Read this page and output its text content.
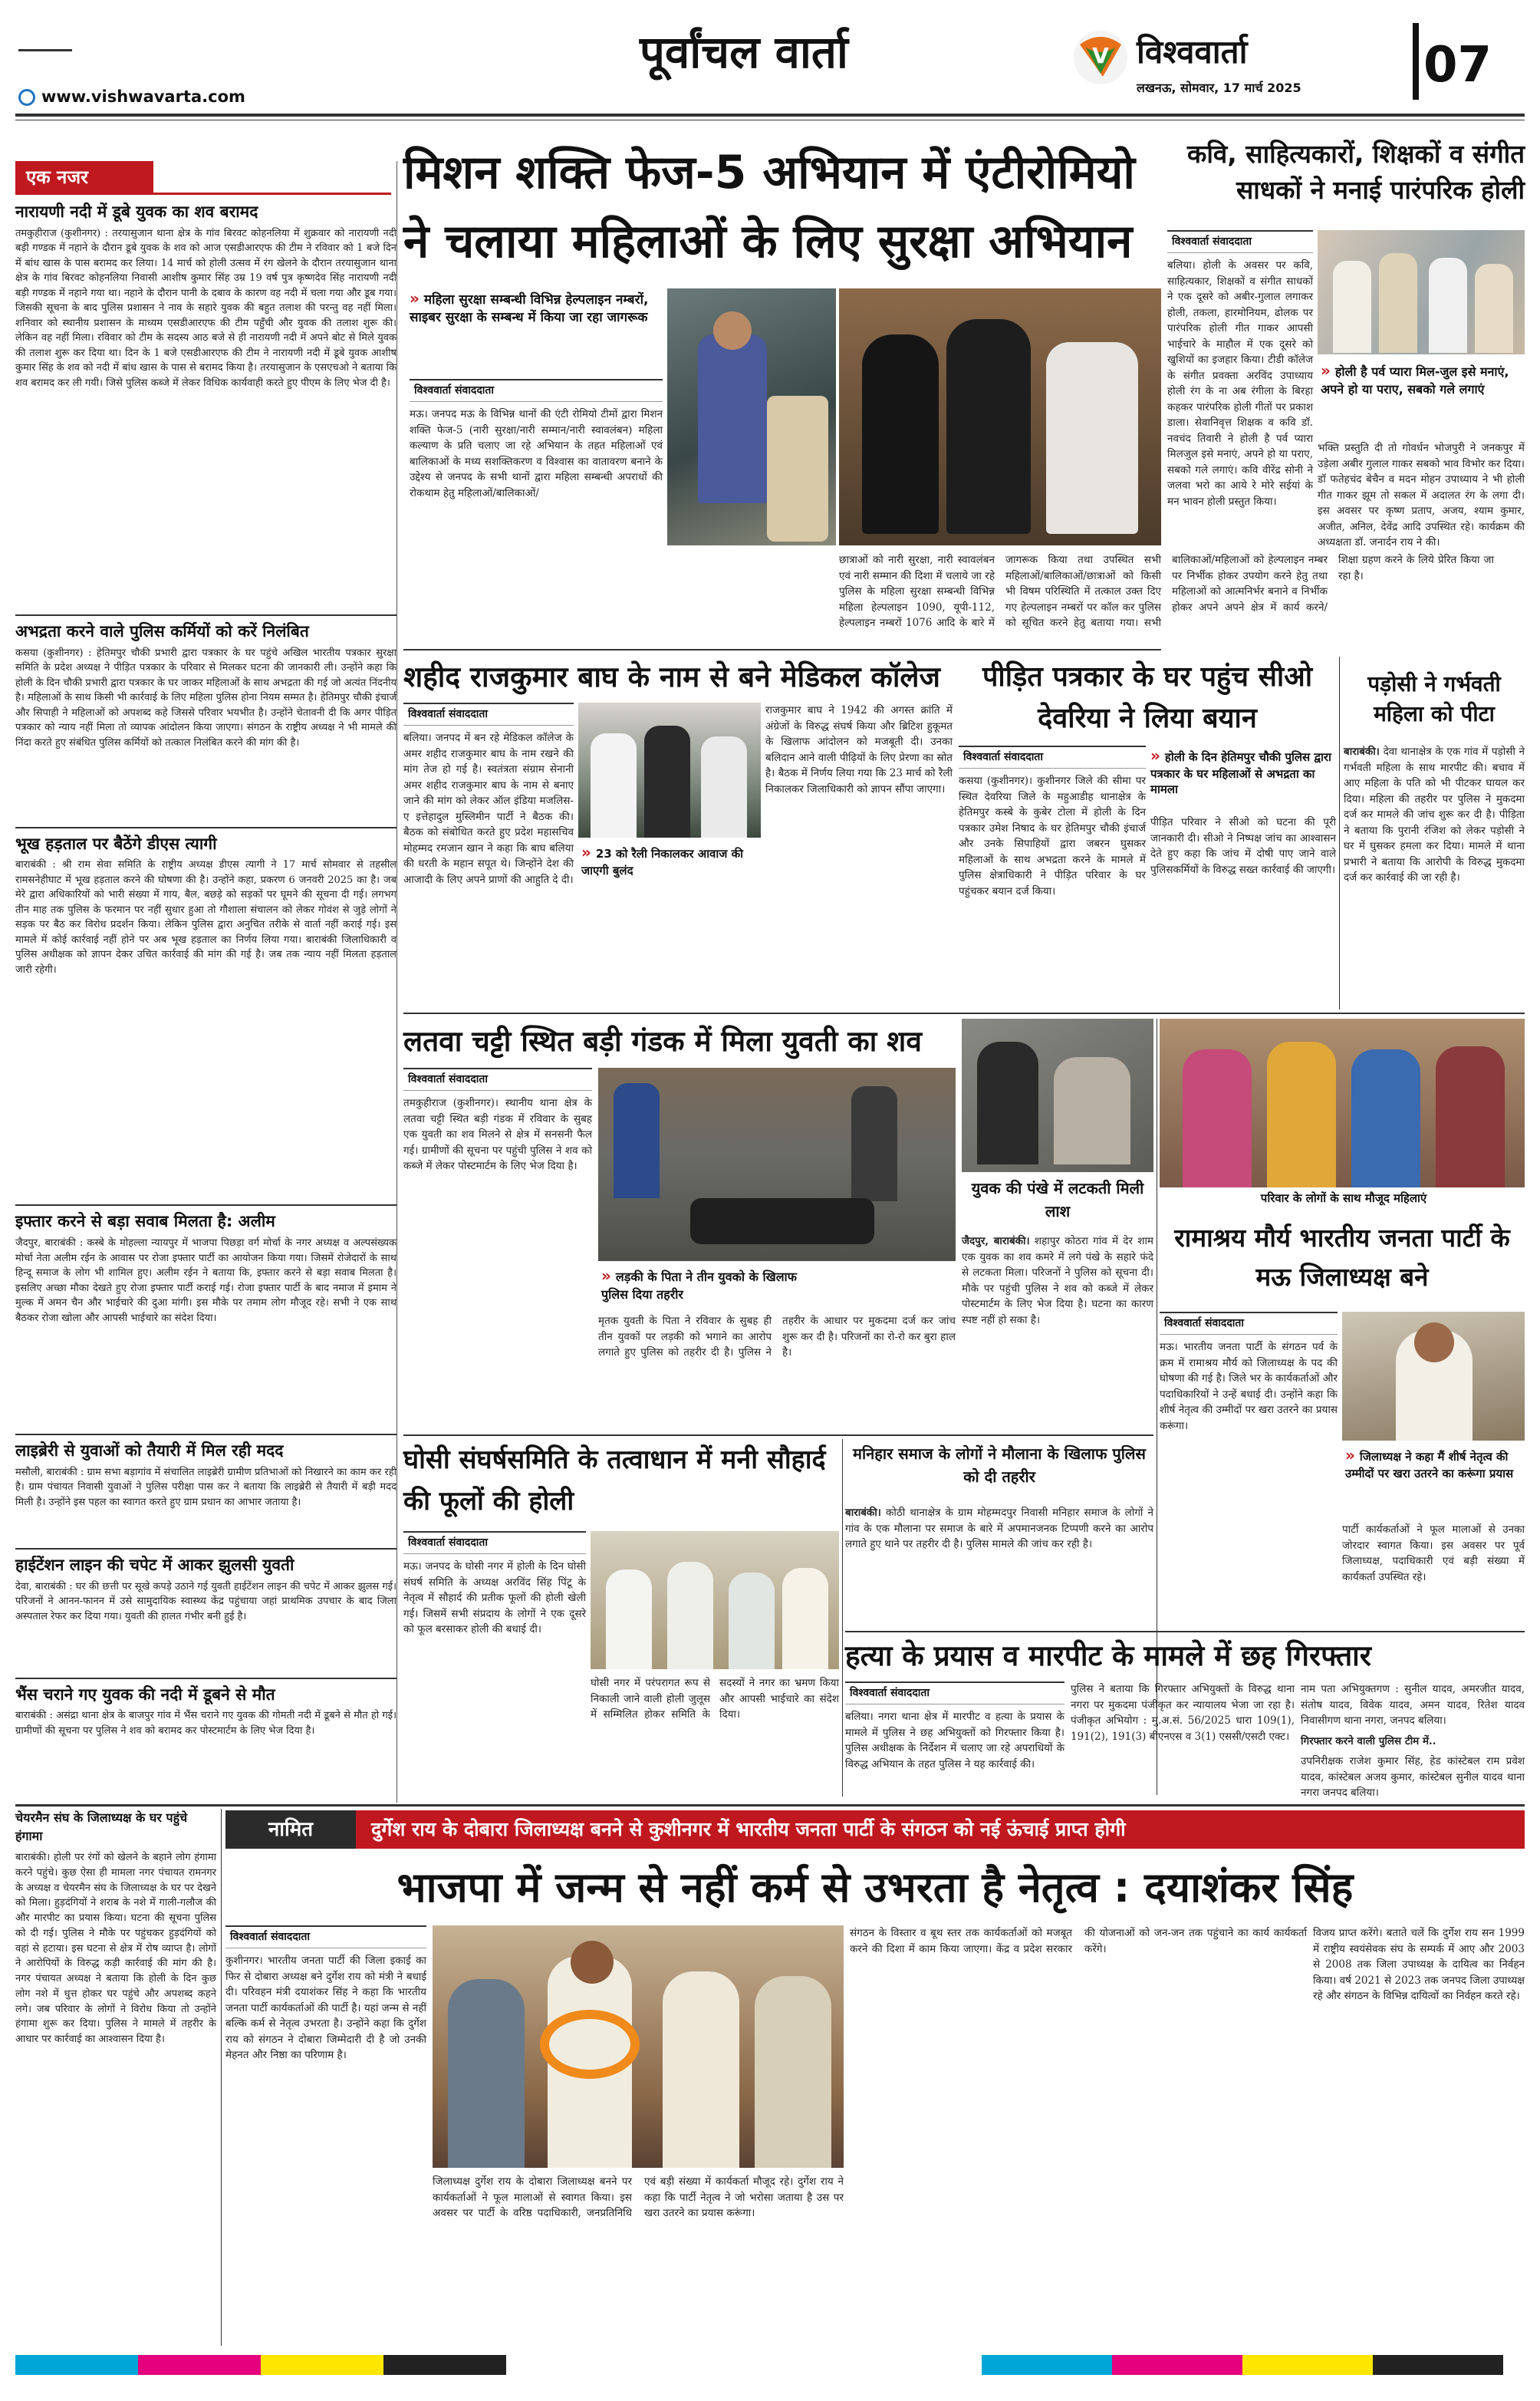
पूर्वांचल वार्ता	V विश्ववार्ता
लखनऊ, सोमवार, 17 मार्च 2025	07
www.vishwavarta.com
एक नजर
नारायणी नदी में डूबे युवक का शव बरामद
तमकुहीराज (कुशीनगर) : तरयासुजान थाना क्षेत्र के गांव बिरवट कोहनलिया में शुक्रवार को नारायणी नदी बड़ी गण्डक में नहाने के दौरान डूबे युवक के शव को आज एसडीआरएफ की टीम ने रविवार को 1 बजे दिन में बांध खास के पास बरामद कर लिया। 14 मार्च को होली उत्सव में रंग खेलने के दौरान तरयासुजान थाना क्षेत्र के गांव बिरवट कोहनलिया निवासी आशीष कुमार सिंह उम्र 19 वर्ष पुत्र कृष्णदेव सिंह नारायणी नदी बड़ी गण्डक में नहाने गया था। नहाने के दौरान पानी के दबाव के कारण वह नदी में चला गया और डूब गया। जिसकी सूचना के बाद पुलिस प्रशासन ने नाव के सहारे युवक की बहुत तलाश की परन्तु वह नहीं मिला। शनिवार को स्थानीय प्रशासन के माध्यम एसडीआरएफ की टीम पहुँची और युवक की तलाश शुरू की। लेकिन वह नहीं मिला। रविवार को टीम के सदस्य आठ बजे से ही नारायणी नदी में अपने बोट से मिले युवक की तलाश शुरू कर दिया था। दिन के 1 बजे एसडीआरएफ की टीम ने नारायणी नदी में डूबे युवक आशीष कुमार सिंह के शव को नदी में बांध खास के पास से बरामद किया है। तरयासुजान के एसएचओ ने बताया कि शव बरामद कर ली गयी। जिसे पुलिस कब्जे में लेकर विधिक कार्यवाही करते हुए पीएम के लिए भेज दी है।
अभद्रता करने वाले पुलिस कर्मियों को करें निलंबित
कसया (कुशीनगर) : हेतिमपुर चौकी प्रभारी द्वारा पत्रकार के घर पहुंचे अखिल भारतीय पत्रकार सुरक्षा समिति के प्रदेश अध्यक्ष ने पीड़ित पत्रकार के परिवार से मिलकर घटना की जानकारी ली। उन्होंने कहा कि होली के दिन चौकी प्रभारी द्वारा पत्रकार के घर जाकर महिलाओं के साथ अभद्रता की गई जो अत्यंत निंदनीय है। महिलाओं के साथ किसी भी कार्रवाई के लिए महिला पुलिस होना नियम सम्मत है। हेतिमपुर चौकी इंचार्ज और सिपाही ने महिलाओं को अपशब्द कहे जिससे परिवार भयभीत है। उन्होंने चेतावनी दी कि अगर पीड़ित पत्रकार को न्याय नहीं मिला तो व्यापक आंदोलन किया जाएगा। संगठन के राष्ट्रीय अध्यक्ष ने भी मामले की निंदा करते हुए संबंधित पुलिस कर्मियों को तत्काल निलंबित करने की मांग की है।
भूख हड़ताल पर बैठेंगे डीएस त्यागी
बाराबंकी : श्री राम सेवा समिति के राष्ट्रीय अध्यक्ष डीएस त्यागी ने 17 मार्च सोमवार से तहसील रामसनेहीघाट में भूख हड़ताल करने की घोषणा की है। उन्होंने कहा, प्रकरण 6 जनवरी 2025 का है। जब मेरे द्वारा अधिकारियों को भारी संख्या में गाय, बैल, बछड़े को सड़कों पर घूमने की सूचना दी गई। लगभग तीन माह तक पुलिस के फरमान पर नहीं सुधार हुआ तो गौशाला संचालन को लेकर गोवंश से जुड़े लोगों ने सड़क पर बैठ कर विरोध प्रदर्शन किया। लेकिन पुलिस द्वारा अनुचित तरीके से वार्ता नहीं कराई गई। इस मामले में कोई कार्रवाई नहीं होने पर अब भूख हड़ताल का निर्णय लिया गया। बाराबंकी जिलाधिकारी व पुलिस अधीक्षक को ज्ञापन देकर उचित कार्रवाई की मांग की गई है। जब तक न्याय नहीं मिलता हड़ताल जारी रहेगी।
इफ्तार करने से बड़ा सवाब मिलता है: अलीम
जैदपुर, बाराबंकी : कस्बे के मोहल्ला न्यायपुर में भाजपा पिछड़ा वर्ग मोर्चा के नगर अध्यक्ष व अल्पसंख्यक मोर्चा नेता अलीम रईन के आवास पर रोजा इफ्तार पार्टी का आयोजन किया गया। जिसमें रोजेदारों के साथ हिन्दू समाज के लोग भी शामिल हुए। अलीम रईन ने बताया कि, इफ्तार करने से बड़ा सवाब मिलता है। इसलिए अच्छा मौका देखते हुए रोजा इफ्तार पार्टी कराई गई। रोजा इफ्तार पार्टी के बाद नमाज में इमाम ने मुल्क में अमन चैन और भाईचारे की दुआ मांगी। इस मौके पर तमाम लोग मौजूद रहे। सभी ने एक साथ बैठकर रोजा खोला और आपसी भाईचारे का संदेश दिया।
लाइब्रेरी से युवाओं को तैयारी में मिल रही मदद
मसौली, बाराबंकी : ग्राम सभा बड़ागांव में संचालित लाइब्रेरी ग्रामीण प्रतिभाओं को निखारने का काम कर रही है। ग्राम पंचायत निवासी युवाओं ने पुलिस परीक्षा पास कर ने बताया कि लाइब्रेरी से तैयारी में बड़ी मदद मिली है। उन्होंने इस पहल का स्वागत करते हुए ग्राम प्रधान का आभार जताया है।
हाईटेंशन लाइन की चपेट में आकर झुलसी युवती
देवा, बाराबंकी : घर की छत्ती पर सूखे कपड़े उठाने गई युवती हाईटेंशन लाइन की चपेट में आकर झुलस गई। परिजनों ने आनन-फानन में उसे सामुदायिक स्वास्थ्य केंद्र पहुंचाया जहां प्राथमिक उपचार के बाद जिला अस्पताल रेफर कर दिया गया। युवती की हालत गंभीर बनी हुई है।
भैंस चराने गए युवक की नदी में डूबने से मौत
बाराबंकी : असंद्रा थाना क्षेत्र के बाजपुर गांव में भैंस चराने गए युवक की गोमती नदी में डूबने से मौत हो गई। ग्रामीणों की सूचना पर पुलिस ने शव को बरामद कर पोस्टमार्टम के लिए भेज दिया है।
मिशन शक्ति फेज-5 अभियान में एंटीरोमियो ने चलाया महिलाओं के लिए सुरक्षा अभियान
» महिला सुरक्षा सम्बन्धी विभिन्न हेल्पलाइन नम्बरों, साइबर सुरक्षा के सम्बन्ध में किया जा रहा जागरूक
विश्ववार्ता संवाददाता

मऊ। जनपद मऊ के विभिन्न थानों की एंटी रोमियो टीमों द्वारा मिशन शक्ति फेज-5 (नारी सुरक्षा/नारी सम्मान/नारी स्वावलंबन) महिला कल्याण के प्रति चलाए जा रहे अभियान के तहत महिलाओं एवं बालिकाओं के मध्य सशक्तिकरण व विश्वास का वातावरण बनाने के उद्देश्य से जनपद के सभी थानों द्वारा महिला सम्बन्धी अपराधों की रोकथाम हेतु महिलाओं/बालिकाओं/

छात्राओं को नारी सुरक्षा, नारी स्वावलंबन एवं नारी सम्मान की दिशा में चलाये जा रहे पुलिस के महिला सुरक्षा सम्बन्धी विभिन्न महिला हेल्पलाइन 1090, यूपी-112, हेल्पलाइन नम्बरों 1076 आदि के बारे में जागरूक किया तथा उपस्थित सभी महिलाओं/बालिकाओं/छात्राओं को किसी भी विषम परिस्थिति में तत्काल उक्त दिए गए हेल्पलाइन नम्बरों पर कॉल कर पुलिस को सूचित करने हेतु बताया गया। सभी बालिकाओं/महिलाओं को हेल्पलाइन नम्बर पर निर्भीक होकर उपयोग करने हेतु तथा महिलाओं को आत्मनिर्भर बनाने व निर्भीक होकर अपने अपने क्षेत्र में कार्य करने/शिक्षा ग्रहण करने के लिये प्रेरित किया जा रहा है।

कवि, साहित्यकारों, शिक्षकों व संगीत साधकों ने मनाई पारंपरिक होली
विश्ववार्ता संवाददाता

बलिया। होली के अवसर पर कवि, साहित्यकार, शिक्षकों व संगीत साधकों ने एक दूसरे को अबीर-गुलाल लगाकर होली, तकला, हारमोनियम, ढोलक पर पारंपरिक होली गीत गाकर आपसी भाईचारे के माहौल में एक दूसरे को खुशियों का इजहार किया। टीडी कॉलेज के संगीत प्रवक्ता अरविंद उपाध्याय होली रंग के ना अब रंगीला के बिरहा कहकर पारंपरिक होली गीतों पर प्रकाश डाला। सेवानिवृत्त शिक्षक व कवि डॉ. नवचंद तिवारी ने होली है पर्व प्यारा मिलजुल इसे मनाएं, अपने हो या पराए, सबको गले लगाएं। कवि वीरेंद्र सोनी ने जलवा भरो का आये रे मोरे सईयां के मन भावन होली प्रस्तुत किया।

» होली है पर्व प्यारा मिल-जुल इसे मनाएं, अपने हो या पराए, सबको गले लगाएं

भक्ति प्रस्तुति दी तो गोवर्धन भोजपुरी ने जनकपुर में उड़ेला अबीर गुलाल गाकर सबको भाव विभोर कर दिया। डॉ फतेहचंद बेचैन व मदन मोहन उपाध्याय ने भी होली गीत गाकर झूम तो सकल में अदालत रंग के लगा दी। इस अवसर पर कृष्ण प्रताप, अजय, श्याम कुमार, अजीत, अनिल, देवेंद्र आदि उपस्थित रहे। कार्यक्रम की अध्यक्षता डॉ. जनार्दन राय ने की।

शहीद राजकुमार बाघ के नाम से बने मेडिकल कॉलेज
विश्ववार्ता संवाददाता

बलिया। जनपद में बन रहे मेडिकल कॉलेज के अमर शहीद राजकुमार बाघ के नाम रखने की मांग तेज हो गई है। स्वतंत्रता संग्राम सेनानी अमर शहीद राजकुमार बाघ के नाम से बनाए जाने की मांग को लेकर ऑल इंडिया मजलिस-ए इत्तेहादुल मुस्लिमीन पार्टी ने बैठक की। बैठक को संबोधित करते हुए प्रदेश महासचिव मोहम्मद रमजान खान ने कहा कि बाघ बलिया की धरती के महान सपूत थे। जिन्होंने देश की आजादी के लिए अपने प्राणों की आहुति दे दी।

» 23 को रैली निकालकर आवाज की जाएगी बुलंद

राजकुमार बाघ ने 1942 की अगस्त क्रांति में अंग्रेजों के विरुद्ध संघर्ष किया और ब्रिटिश हुकूमत के खिलाफ आंदोलन को मजबूती दी। उनका बलिदान आने वाली पीढ़ियों के लिए प्रेरणा का स्रोत है। बैठक में निर्णय लिया गया कि 23 मार्च को रैली निकालकर जिलाधिकारी को ज्ञापन सौंपा जाएगा।

पीड़ित पत्रकार के घर पहुंच सीओ देवरिया ने लिया बयान
विश्ववार्ता संवाददाता

कसया (कुशीनगर)। कुशीनगर जिले की सीमा पर स्थित देवरिया जिले के महुआडीह थानाक्षेत्र के हेतिमपुर कस्बे के कुबेर टोला में होली के दिन पत्रकार उमेश निषाद के घर हेतिमपुर चौकी इंचार्ज और उनके सिपाहियों द्वारा जबरन घुसकर महिलाओं के साथ अभद्रता करने के मामले में पुलिस क्षेत्राधिकारी ने पीड़ित परिवार के घर पहुंचकर बयान दर्ज किया।

» होली के दिन हेतिमपुर चौकी पुलिस द्वारा पत्रकार के घर महिलाओं से अभद्रता का मामला

पीड़ित परिवार ने सीओ को घटना की पूरी जानकारी दी। सीओ ने निष्पक्ष जांच का आश्वासन देते हुए कहा कि जांच में दोषी पाए जाने वाले पुलिसकर्मियों के विरुद्ध सख्त कार्रवाई की जाएगी।

पड़ोसी ने गर्भवती महिला को पीटा
बाराबंकी। देवा थानाक्षेत्र के एक गांव में पड़ोसी ने गर्भवती महिला के साथ मारपीट की। बचाव में आए महिला के पति को भी पीटकर घायल कर दिया। महिला की तहरीर पर पुलिस ने मुकदमा दर्ज कर मामले की जांच शुरू कर दी है। पीड़िता ने बताया कि पुरानी रंजिश को लेकर पड़ोसी ने घर में घुसकर हमला कर दिया। मामले में थाना प्रभारी ने बताया कि आरोपी के विरुद्ध मुकदमा दर्ज कर कार्रवाई की जा रही है।
लतवा चट्टी स्थित बड़ी गंडक में मिला युवती का शव
विश्ववार्ता संवाददाता

तमकुहीराज (कुशीनगर)। स्थानीय थाना क्षेत्र के लतवा चट्टी स्थित बड़ी गंडक में रविवार के सुबह एक युवती का शव मिलने से क्षेत्र में सनसनी फैल गई। ग्रामीणों की सूचना पर पहुंची पुलिस ने शव को कब्जे में लेकर पोस्टमार्टम के लिए भेज दिया है।

» लड़की के पिता ने तीन युवको के खिलाफ पुलिस दिया तहरीर

मृतक युवती के पिता ने रविवार के सुबह ही तीन युवकों पर लड़की को भगाने का आरोप लगाते हुए पुलिस को तहरीर दी है। पुलिस ने तहरीर के आधार पर मुकदमा दर्ज कर जांच शुरू कर दी है। परिजनों का रो-रो कर बुरा हाल है।

युवक की पंखे में लटकती मिली लाश
जैदपुर, बाराबंकी। शहापुर कोठरा गांव में देर शाम एक युवक का शव कमरे में लगे पंखे के सहारे फंदे से लटकता मिला। परिजनों ने पुलिस को सूचना दी। मौके पर पहुंची पुलिस ने शव को कब्जे में लेकर पोस्टमार्टम के लिए भेज दिया है। घटना का कारण स्पष्ट नहीं हो सका है।
परिवार के लोगों के साथ मौजूद महिलाएं
रामाश्रय मौर्य भारतीय जनता पार्टी के मऊ जिलाध्यक्ष बने
विश्ववार्ता संवाददाता

मऊ। भारतीय जनता पार्टी के संगठन पर्व के क्रम में रामाश्रय मौर्य को जिलाध्यक्ष के पद की घोषणा की गई है। जिले भर के कार्यकर्ताओं और पदाधिकारियों ने उन्हें बधाई दी। उन्होंने कहा कि शीर्ष नेतृत्व की उम्मीदों पर खरा उतरने का प्रयास करूंगा।

» जिलाध्यक्ष ने कहा मैं शीर्ष नेतृत्व की उम्मीदों पर खरा उतरने का करूंगा प्रयास

पार्टी कार्यकर्ताओं ने फूल मालाओं से उनका जोरदार स्वागत किया। इस अवसर पर पूर्व जिलाध्यक्ष, पदाधिकारी एवं बड़ी संख्या में कार्यकर्ता उपस्थित रहे।

घोसी संघर्षसमिति के तत्वाधान में मनी सौहार्द की फूलों की होली
विश्ववार्ता संवाददाता

मऊ। जनपद के घोसी नगर में होली के दिन घोसी संघर्ष समिति के अध्यक्ष अरविंद सिंह पिंटू के नेतृत्व में सौहार्द की प्रतीक फूलों की होली खेली गई। जिसमें सभी संप्रदाय के लोगों ने एक दूसरे को फूल बरसाकर होली की बधाई दी।

घोसी नगर में परंपरागत रूप से निकाली जाने वाली होली जुलूस में सम्मिलित होकर समिति के सदस्यों ने नगर का भ्रमण किया और आपसी भाईचारे का संदेश दिया।

मनिहार समाज के लोगों ने मौलाना के खिलाफ पुलिस को दी तहरीर
बाराबंकी। कोठी थानाक्षेत्र के ग्राम मोहम्मदपुर निवासी मनिहार समाज के लोगों ने गांव के एक मौलाना पर समाज के बारे में अपमानजनक टिप्पणी करने का आरोप लगाते हुए थाने पर तहरीर दी है। पुलिस मामले की जांच कर रही है।
हत्या के प्रयास व मारपीट के मामले में छह गिरफ्तार
विश्ववार्ता संवाददाता

बलिया। नगरा थाना क्षेत्र में मारपीट व हत्या के प्रयास के मामले में पुलिस ने छह अभियुक्तों को गिरफ्तार किया है। पुलिस अधीक्षक के निर्देशन में चलाए जा रहे अपराधियों के विरुद्ध अभियान के तहत पुलिस ने यह कार्रवाई की।

पुलिस ने बताया कि गिरफ्तार अभियुक्तों के विरुद्ध थाना नगरा पर मुकदमा पंजीकृत कर न्यायालय भेजा जा रहा है। पंजीकृत अभियोग : मु.अ.सं. 56/2025 धारा 109(1), 191(2), 191(3) बीएनएस व 3(1) एससी/एसटी एक्ट।

नाम पता अभियुक्तगण : सुनील यादव, अमरजीत यादव, संतोष यादव, विवेक यादव, अमन यादव, रितेश यादव निवासीगण थाना नगरा, जनपद बलिया।

गिरफ्तार करने वाली पुलिस टीम में..

उपनिरीक्षक राजेश कुमार सिंह, हेड कांस्टेबल राम प्रवेश यादव, कांस्टेबल अजय कुमार, कांस्टेबल सुनील यादव थाना नगरा जनपद बलिया।

चेयरमैन संघ के जिलाध्यक्ष के घर पहुंचे हंगामा
बाराबंकी। होली पर रंगों को खेलने के बहाने लोग हंगामा करने पहुंचे। कुछ ऐसा ही मामला नगर पंचायत रामनगर के अध्यक्ष व चेयरमैन संघ के जिलाध्यक्ष के घर पर देखने को मिला। हुड़दंगियों ने शराब के नशे में गाली-गलौज की और मारपीट का प्रयास किया। घटना की सूचना पुलिस को दी गई। पुलिस ने मौके पर पहुंचकर हुड़दंगियों को वहां से हटाया। इस घटना से क्षेत्र में रोष व्याप्त है। लोगों ने आरोपियों के विरुद्ध कड़ी कार्रवाई की मांग की है। नगर पंचायत अध्यक्ष ने बताया कि होली के दिन कुछ लोग नशे में धुत्त होकर घर पहुंचे और अपशब्द कहने लगे। जब परिवार के लोगों ने विरोध किया तो उन्होंने हंगामा शुरू कर दिया। पुलिस ने मामले में तहरीर के आधार पर कार्रवाई का आश्वासन दिया है।
नामित	दुर्गेश राय के दोबारा जिलाध्यक्ष बनने से कुशीनगर में भारतीय जनता पार्टी के संगठन को नई ऊंचाई प्राप्त होगी
भाजपा में जन्म से नहीं कर्म से उभरता है नेतृत्व : दयाशंकर सिंह
विश्ववार्ता संवाददाता

कुशीनगर। भारतीय जनता पार्टी की जिला इकाई का फिर से दोबारा अध्यक्ष बने दुर्गेश राय को मंत्री ने बधाई दी। परिवहन मंत्री दयाशंकर सिंह ने कहा कि भारतीय जनता पार्टी कार्यकर्ताओं की पार्टी है। यहां जन्म से नहीं बल्कि कर्म से नेतृत्व उभरता है। उन्होंने कहा कि दुर्गेश राय को संगठन ने दोबारा जिम्मेदारी दी है जो उनकी मेहनत और निष्ठा का परिणाम है।

जिलाध्यक्ष दुर्गेश राय के दोबारा जिलाध्यक्ष बनने पर कार्यकर्ताओं ने फूल मालाओं से स्वागत किया। इस अवसर पर पार्टी के वरिष्ठ पदाधिकारी, जनप्रतिनिधि एवं बड़ी संख्या में कार्यकर्ता मौजूद रहे। दुर्गेश राय ने कहा कि पार्टी नेतृत्व ने जो भरोसा जताया है उस पर खरा उतरने का प्रयास करूंगा।

संगठन के विस्तार व बूथ स्तर तक कार्यकर्ताओं को मजबूत करने की दिशा में काम किया जाएगा। केंद्र व प्रदेश सरकार की योजनाओं को जन-जन तक पहुंचाने का कार्य कार्यकर्ता करेंगे।

विजय प्राप्त करेंगे। बताते चलें कि दुर्गेश राय सन 1999 में राष्ट्रीय स्वयंसेवक संघ के सम्पर्क में आए और 2003 से 2008 तक जिला उपाध्यक्ष के दायित्व का निर्वहन किया। वर्ष 2021 से 2023 तक जनपद जिला उपाध्यक्ष रहे और संगठन के विभिन्न दायित्वों का निर्वहन करते रहे।
